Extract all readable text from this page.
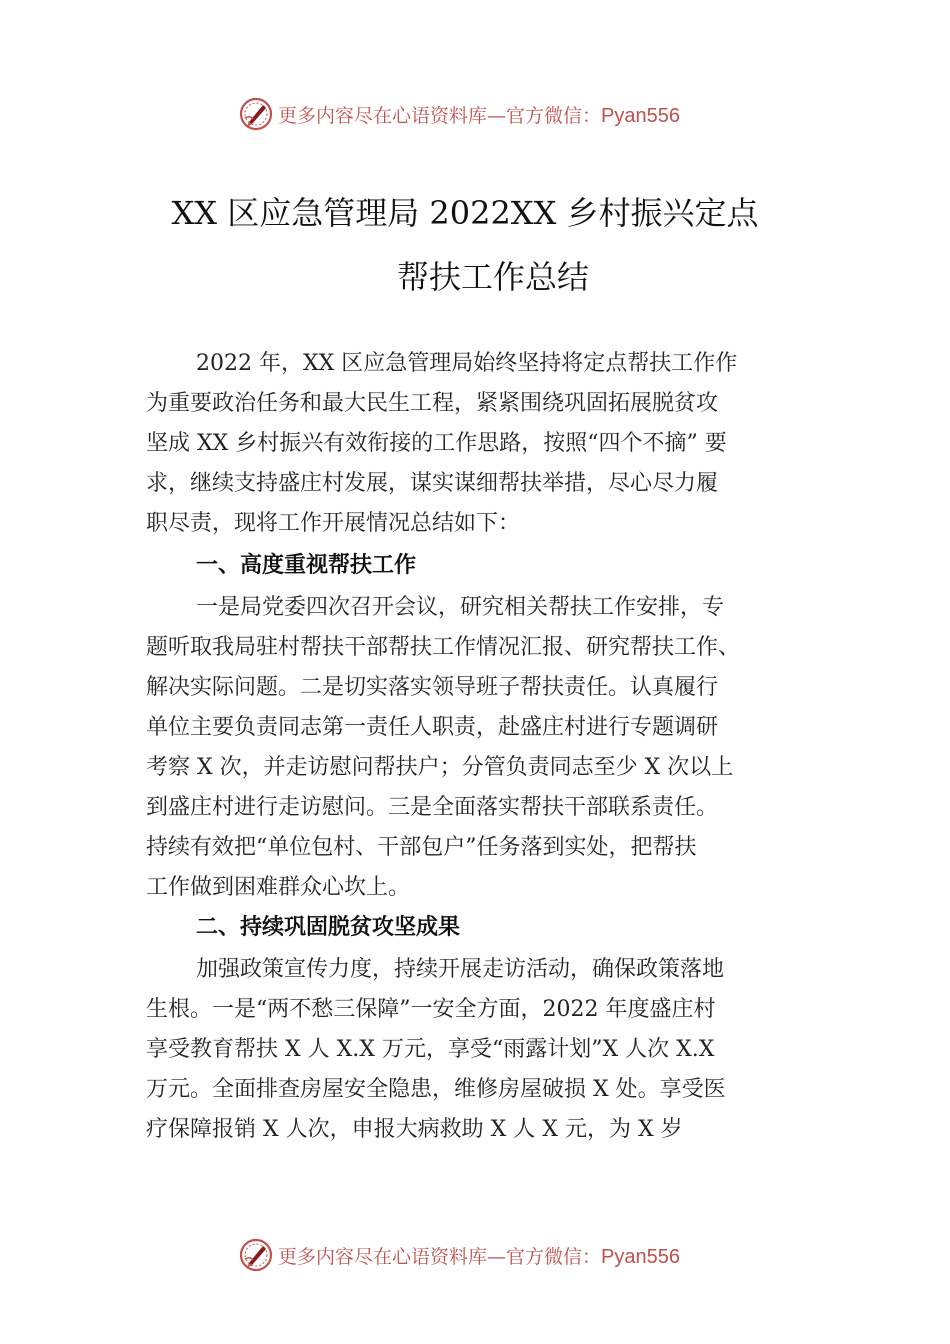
更多内容尽在心语资料库—官方微信：Pyan556
XX 区应急管理局 2022XX 乡村振兴定点
帮扶工作总结
2022 年，XX 区应急管理局始终坚持将定点帮扶工作作
为重要政治任务和最大民生工程，紧紧围绕巩固拓展脱贫攻
坚成 XX 乡村振兴有效衔接的工作思路，按照“四个不摘” 要
求，继续支持盛庄村发展，谋实谋细帮扶举措，尽心尽力履
职尽责，现将工作开展情况总结如下：
一、高度重视帮扶工作
一是局党委四次召开会议，研究相关帮扶工作安排，专
题听取我局驻村帮扶干部帮扶工作情况汇报、研究帮扶工作、
解决实际问题。二是切实落实领导班子帮扶责任。认真履行
单位主要负责同志第一责任人职责，赴盛庄村进行专题调研
考察 X 次，并走访慰问帮扶户；分管负责同志至少 X 次以上
到盛庄村进行走访慰问。三是全面落实帮扶干部联系责任。
持续有效把“单位包村、干部包户”任务落到实处，把帮扶
工作做到困难群众心坎上。
二、持续巩固脱贫攻坚成果
加强政策宣传力度，持续开展走访活动，确保政策落地
生根。一是“两不愁三保障”一安全方面，2022 年度盛庄村
享受教育帮扶 X 人 X.X 万元，享受“雨露计划”X 人次 X.X
万元。全面排查房屋安全隐患，维修房屋破损 X 处。享受医
疗保障报销 X 人次，申报大病救助 X 人 X 元，为 X 岁
更多内容尽在心语资料库—官方微信：Pyan556
